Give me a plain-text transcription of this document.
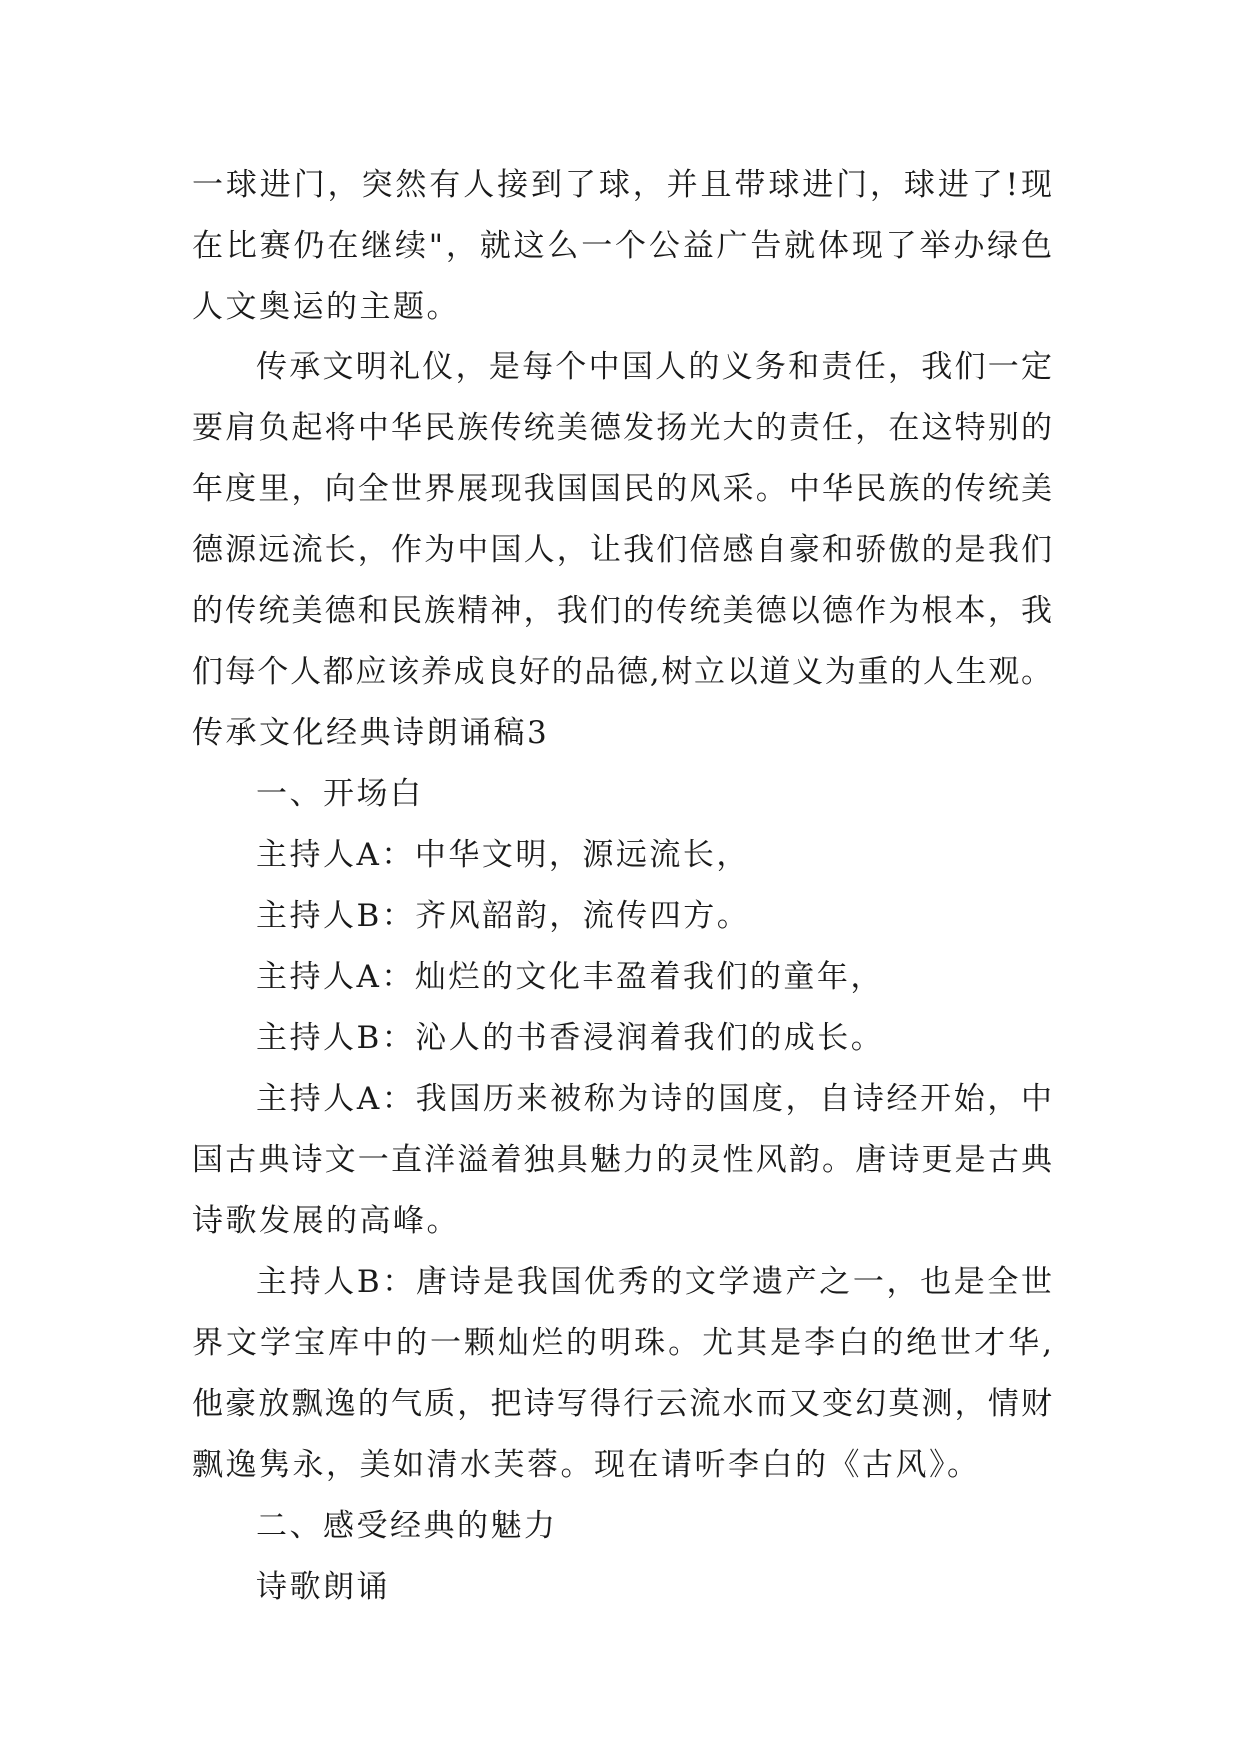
一球进门，突然有人接到了球，并且带球进门，球进了!现

在比赛仍在继续"，就这么一个公益广告就体现了举办绿色

人文奥运的主题。

传承文明礼仪，是每个中国人的义务和责任，我们一定

要肩负起将中华民族传统美德发扬光大的责任，在这特别的

年度里，向全世界展现我国国民的风采。中华民族的传统美

德源远流长，作为中国人，让我们倍感自豪和骄傲的是我们

的传统美德和民族精神，我们的传统美德以德作为根本，我

们每个人都应该养成良好的品德,树立以道义为重的人生观。

传承文化经典诗朗诵稿3

一、开场白

主持人A：中华文明，源远流长，

主持人B：齐风韶韵，流传四方。

主持人A：灿烂的文化丰盈着我们的童年，

主持人B：沁人的书香浸润着我们的成长。

主持人A：我国历来被称为诗的国度，自诗经开始，中

国古典诗文一直洋溢着独具魅力的灵性风韵。唐诗更是古典

诗歌发展的高峰。

主持人B：唐诗是我国优秀的文学遗产之一，也是全世

界文学宝库中的一颗灿烂的明珠。尤其是李白的绝世才华,

他豪放飘逸的气质，把诗写得行云流水而又变幻莫测，情财

飘逸隽永，美如清水芙蓉。现在请听李白的《古风》。

二、感受经典的魅力

诗歌朗诵
